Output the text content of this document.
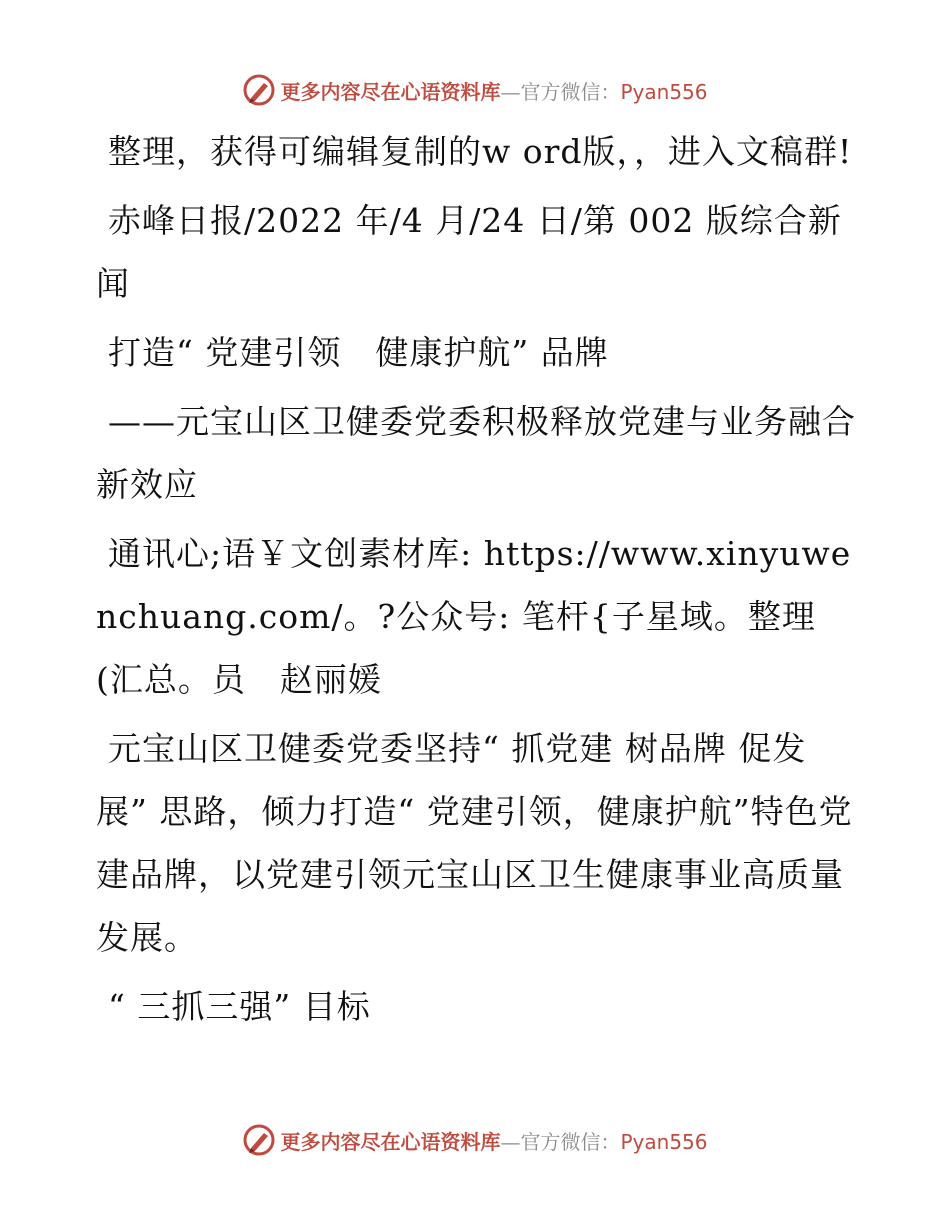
更多内容尽在心语资料库—官方微信：Pyan556

整理，获得可编辑复制的w ord版，，进入文稿群!

赤峰日报/2022 年/4 月/24 日/第 002 版综合新闻

打造“ 党建引领　健康护航” 品牌

——元宝山区卫健委党委积极释放党建与业务融合新效应

通讯心;语￥文创素材库: https://www.xinyuwenchuang.com/。?公众号: 笔杆{子星域。整理(汇总。员　赵丽媛

元宝山区卫健委党委坚持“ 抓党建 树品牌 促发展” 思路，倾力打造“ 党建引领，健康护航”特色党建品牌，以党建引领元宝山区卫生健康事业高质量发展。

“ 三抓三强” 目标

更多内容尽在心语资料库—官方微信：Pyan556
